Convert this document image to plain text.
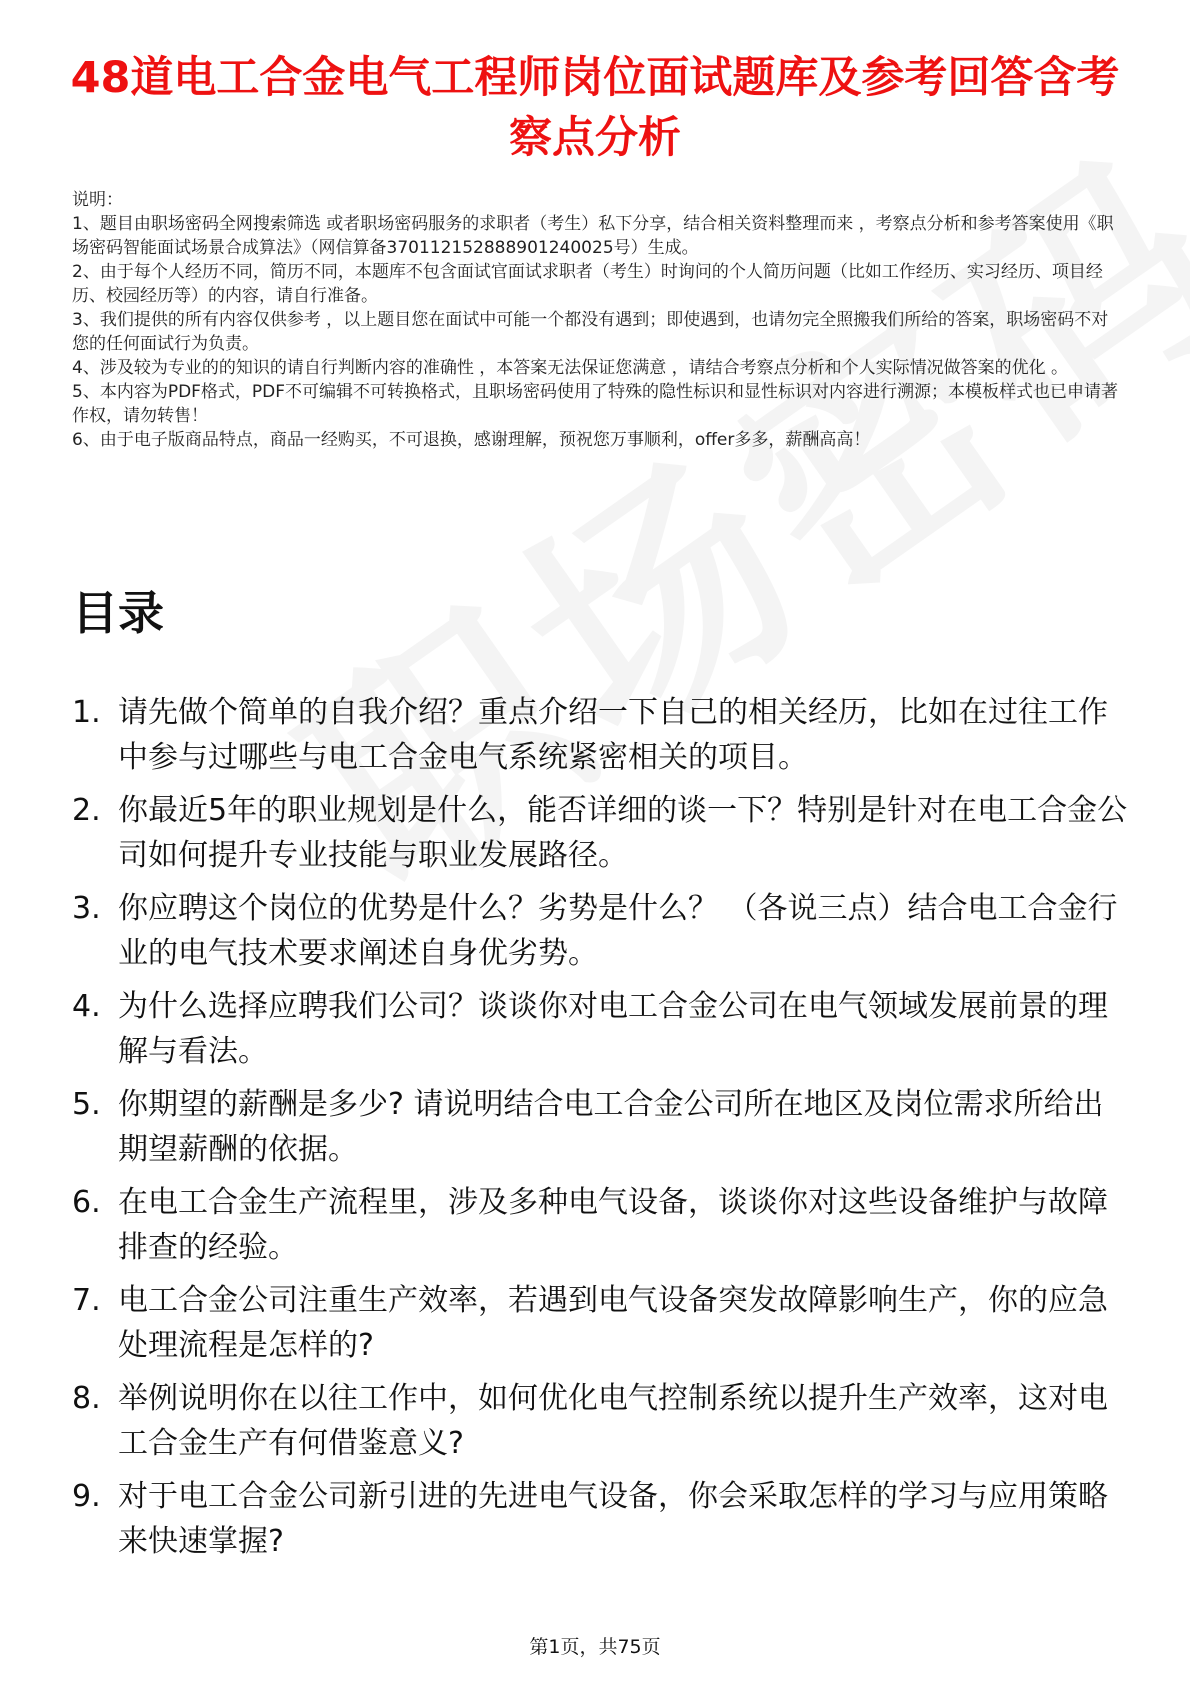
48道电工合金电气工程师岗位面试题库及参考回答含考察点分析

说明：

1、题目由职场密码全网搜索筛选 或者职场密码服务的求职者（考生）私下分享，结合相关资料整理而来 ，考察点分析和参考答案使用《职场密码智能面试场景合成算法》（网信算备370112152888901240025号）生成。

2、由于每个人经历不同，简历不同，本题库不包含面试官面试求职者（考生）时询问的个人简历问题（比如工作经历、实习经历、项目经历、校园经历等）的内容，请自行准备。

3、我们提供的所有内容仅供参考 ，以上题目您在面试中可能一个都没有遇到；即使遇到，也请勿完全照搬我们所给的答案，职场密码不对您的任何面试行为负责。

4、涉及较为专业的的知识的请自行判断内容的准确性 ，本答案无法保证您满意 ，请结合考察点分析和个人实际情况做答案的优化 。

5、本内容为PDF格式，PDF不可编辑不可转换格式，且职场密码使用了特殊的隐性标识和显性标识对内容进行溯源；本模板样式也已申请著作权，请勿转售！

6、由于电子版商品特点，商品一经购买，不可退换，感谢理解，预祝您万事顺利，offer多多，薪酬高高！

目录
1. 请先做个简单的自我介绍？重点介绍一下自己的相关经历，比如在过往工作中参与过哪些与电工合金电气系统紧密相关的项目。
2. 你最近5年的职业规划是什么，能否详细的谈一下？特别是针对在电工合金公司如何提升专业技能与职业发展路径。
3. 你应聘这个岗位的优势是什么？劣势是什么？ （各说三点）结合电工合金行业的电气技术要求阐述自身优劣势。
4. 为什么选择应聘我们公司？谈谈你对电工合金公司在电气领域发展前景的理解与看法。
5. 你期望的薪酬是多少? 请说明结合电工合金公司所在地区及岗位需求所给出期望薪酬的依据。
6. 在电工合金生产流程里，涉及多种电气设备，谈谈你对这些设备维护与故障排查的经验。
7. 电工合金公司注重生产效率，若遇到电气设备突发故障影响生产，你的应急处理流程是怎样的?
8. 举例说明你在以往工作中，如何优化电气控制系统以提升生产效率，这对电工合金生产有何借鉴意义?
9. 对于电工合金公司新引进的先进电气设备，你会采取怎样的学习与应用策略来快速掌握?
第1页，共75页
